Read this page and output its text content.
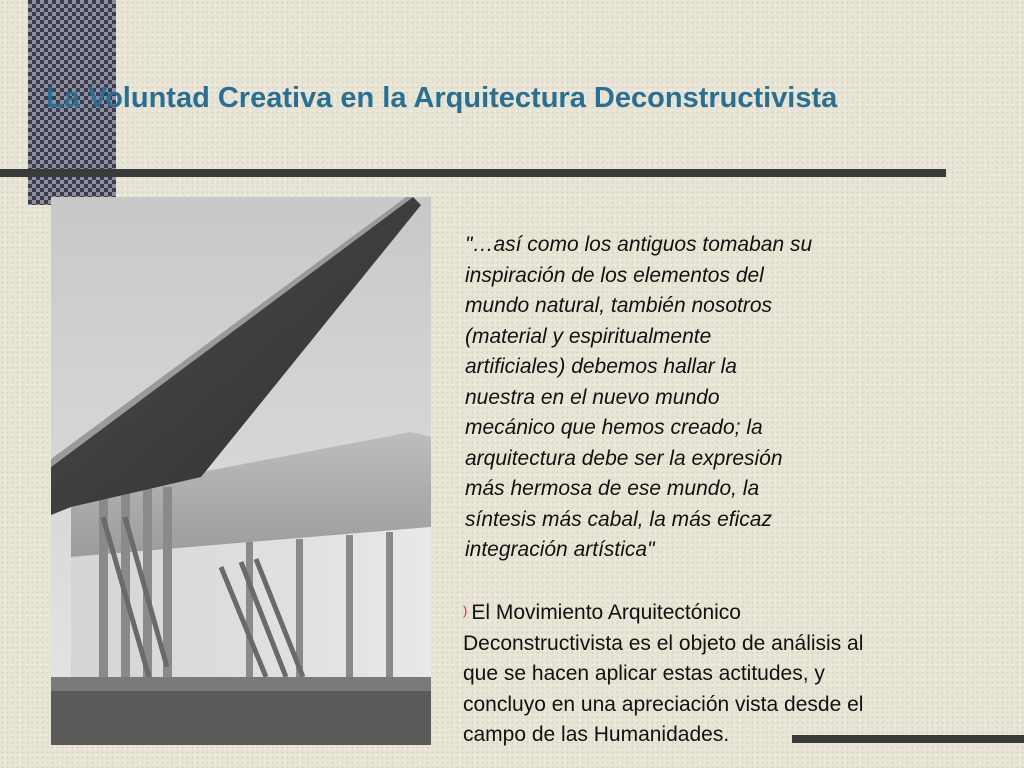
La Voluntad Creativa en la Arquitectura Deconstructivista

"…así como los antiguos tomaban su
inspiración de los elementos del
mundo natural, también nosotros
(material y espiritualmente
artificiales) debemos hallar la
nuestra en el nuevo mundo
mecánico que hemos creado; la
arquitectura debe ser la expresión
más hermosa de ese mundo, la
síntesis más cabal, la más eficaz
integración artística"

) El Movimiento Arquitectónico
Deconstructivista es el objeto de análisis al
que se hacen aplicar estas actitudes, y
concluyo en una apreciación vista desde el
campo de las Humanidades.
